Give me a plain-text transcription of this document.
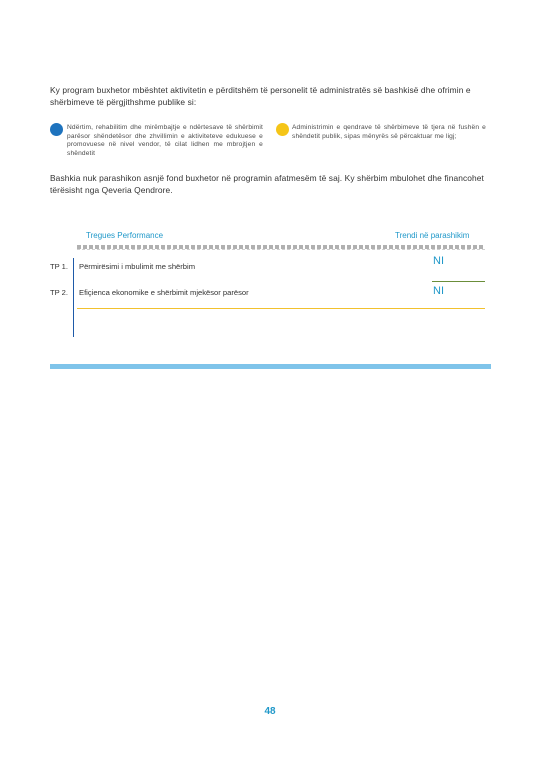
Ky program buxhetor mbështet aktivitetin e përditshëm të personelit të administratës së bashkisë dhe ofrimin e shërbimeve të përgjithshme publike si:
Ndërtim, rehabilitim dhe mirëmbajtje e ndërtesave të shërbimit parësor shëndetësor dhe zhvillimin e aktiviteteve edukuese e promovuese në nivel vendor, të cilat lidhen me mbrojtjen e shëndetit
Administrimin e qendrave të shërbimeve të tjera në fushën e shëndetit publik, sipas mënyrës së përcaktuar me ligj;
Bashkia nuk parashikon asnjë fond buxhetor në programin afatmesëm të saj. Ky shërbim mbulohet dhe financohet tërësisht nga Qeveria Qendrore.
Tregues Performance	Trendi në parashikim
TP 1. Përmirësimi i mbulimit me shërbim	NI
TP 2. Efiçienca ekonomike e shërbimit mjekësor parësor	NI
48
